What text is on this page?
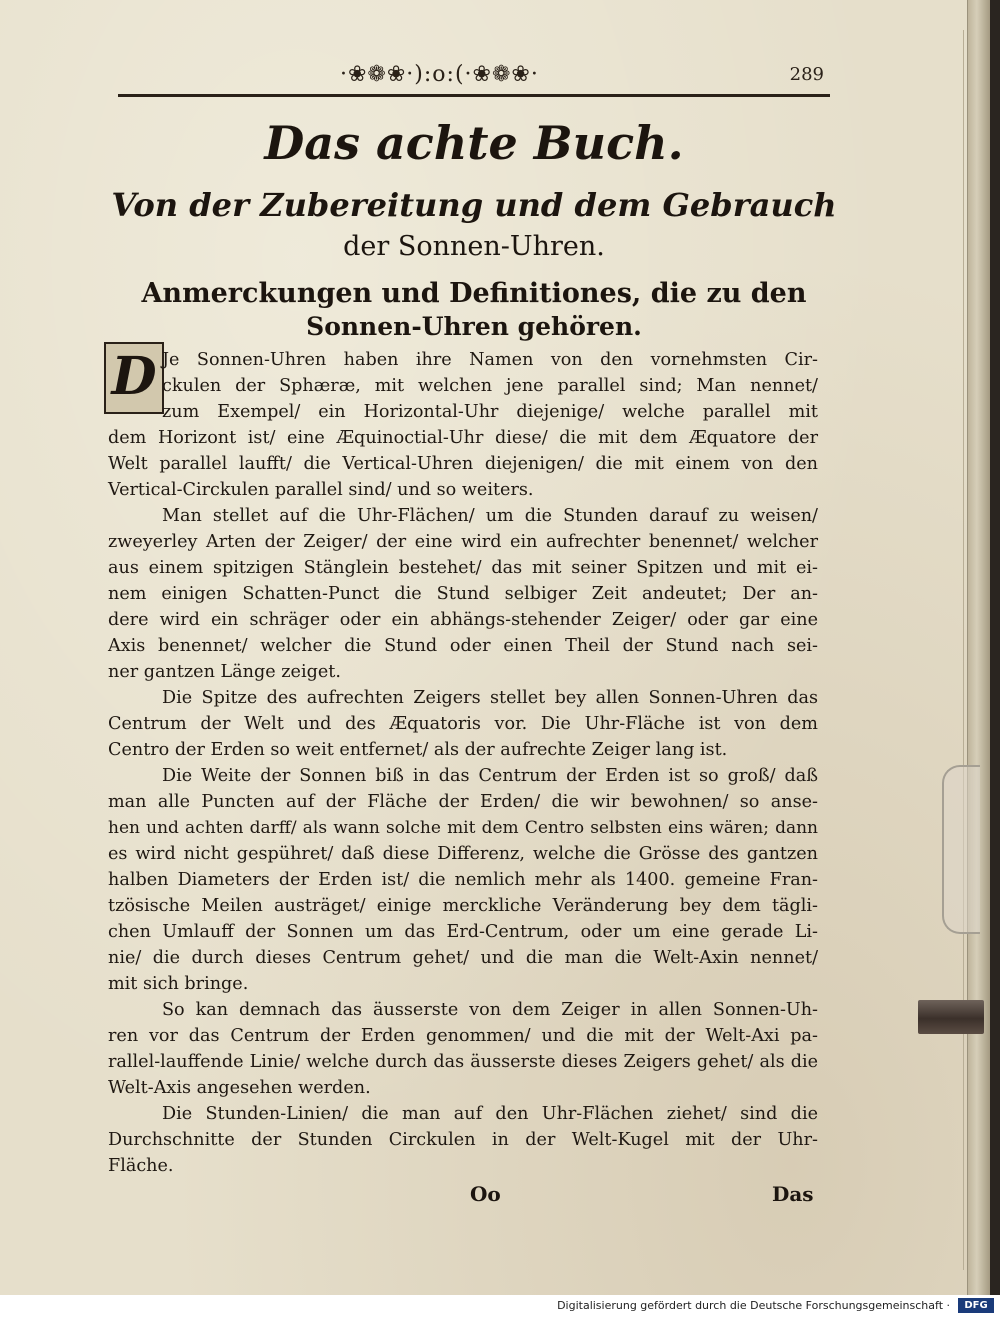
·❀❁❀·):o:(·❀❁❀·	289
Das achte Buch.
Von der Zubereitung und dem Gebrauch
der Sonnen-Uhren.
Anmerckungen und Definitiones, die zu den
Sonnen-Uhren gehören.
D Je Sonnen-Uhren haben ihre Namen von den vornehmsten Cir-
ckulen der Sphæræ, mit welchen jene parallel sind; Man nennet/
zum Exempel/ ein Horizontal-Uhr diejenige/ welche parallel mit
dem Horizont ist/ eine Æquinoctial-Uhr diese/ die mit dem Æquatore der
Welt parallel laufft/ die Vertical-Uhren diejenigen/ die mit einem von den
Vertical-Circkulen parallel sind/ und so weiters.
Man stellet auf die Uhr-Flächen/ um die Stunden darauf zu weisen/
zweyerley Arten der Zeiger/ der eine wird ein aufrechter benennet/ welcher
aus einem spitzigen Stänglein bestehet/ das mit seiner Spitzen und mit ei-
nem einigen Schatten-Punct die Stund selbiger Zeit andeutet; Der an-
dere wird ein schräger oder ein abhängs-stehender Zeiger/ oder gar eine
Axis benennet/ welcher die Stund oder einen Theil der Stund nach sei-
ner gantzen Länge zeiget.
Die Spitze des aufrechten Zeigers stellet bey allen Sonnen-Uhren das
Centrum der Welt und des Æquatoris vor. Die Uhr-Fläche ist von dem
Centro der Erden so weit entfernet/ als der aufrechte Zeiger lang ist.
Die Weite der Sonnen biß in das Centrum der Erden ist so groß/ daß
man alle Puncten auf der Fläche der Erden/ die wir bewohnen/ so anse-
hen und achten darff/ als wann solche mit dem Centro selbsten eins wären; dann
es wird nicht gespühret/ daß diese Differenz, welche die Grösse des gantzen
halben Diameters der Erden ist/ die nemlich mehr als 1400. gemeine Fran-
tzösische Meilen austräget/ einige merckliche Veränderung bey dem tägli-
chen Umlauff der Sonnen um das Erd-Centrum, oder um eine gerade Li-
nie/ die durch dieses Centrum gehet/ und die man die Welt-Axin nennet/
mit sich bringe.
So kan demnach das äusserste von dem Zeiger in allen Sonnen-Uh-
ren vor das Centrum der Erden genommen/ und die mit der Welt-Axi pa-
rallel-lauffende Linie/ welche durch das äusserste dieses Zeigers gehet/ als die
Welt-Axis angesehen werden.
Die Stunden-Linien/ die man auf den Uhr-Flächen ziehet/ sind die
Durchschnitte der Stunden Circkulen in der Welt-Kugel mit der Uhr-
Fläche.
Oo	Das
Digitalisierung gefördert durch die Deutsche Forschungsgemeinschaft ·	DFG
